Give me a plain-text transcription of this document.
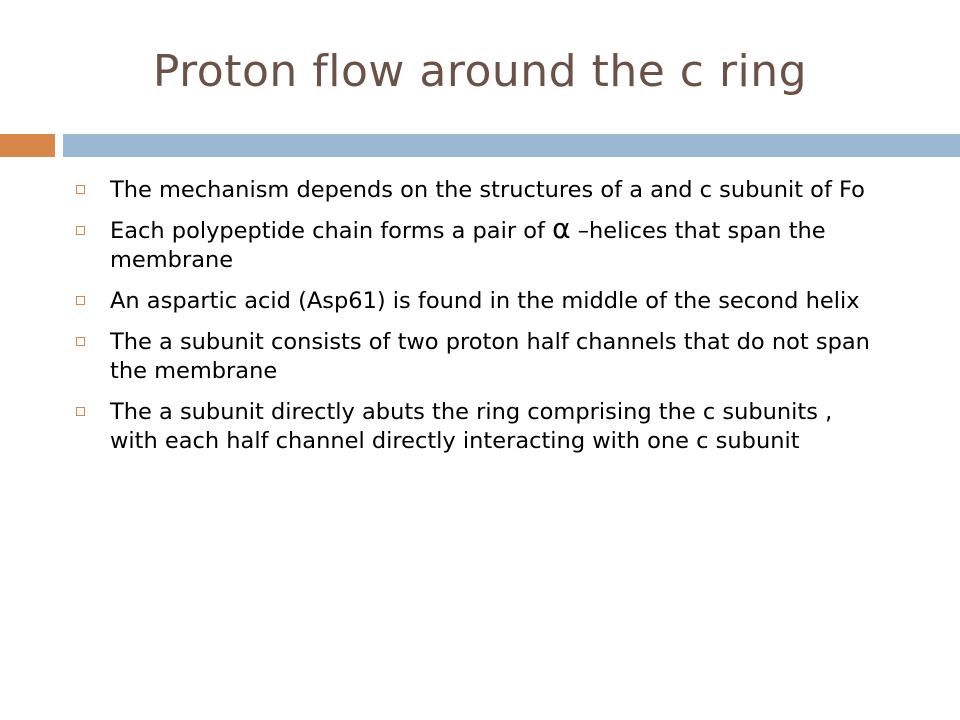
Proton flow around the c ring
The mechanism depends on the structures of a and c subunit of Fo
Each polypeptide chain forms a pair of α –helices that span the membrane
An aspartic acid (Asp61) is found in the middle of the second helix
The a subunit consists of two proton half channels that do not span the membrane
The a subunit directly abuts the ring comprising the c subunits , with each half channel directly interacting with one c subunit
